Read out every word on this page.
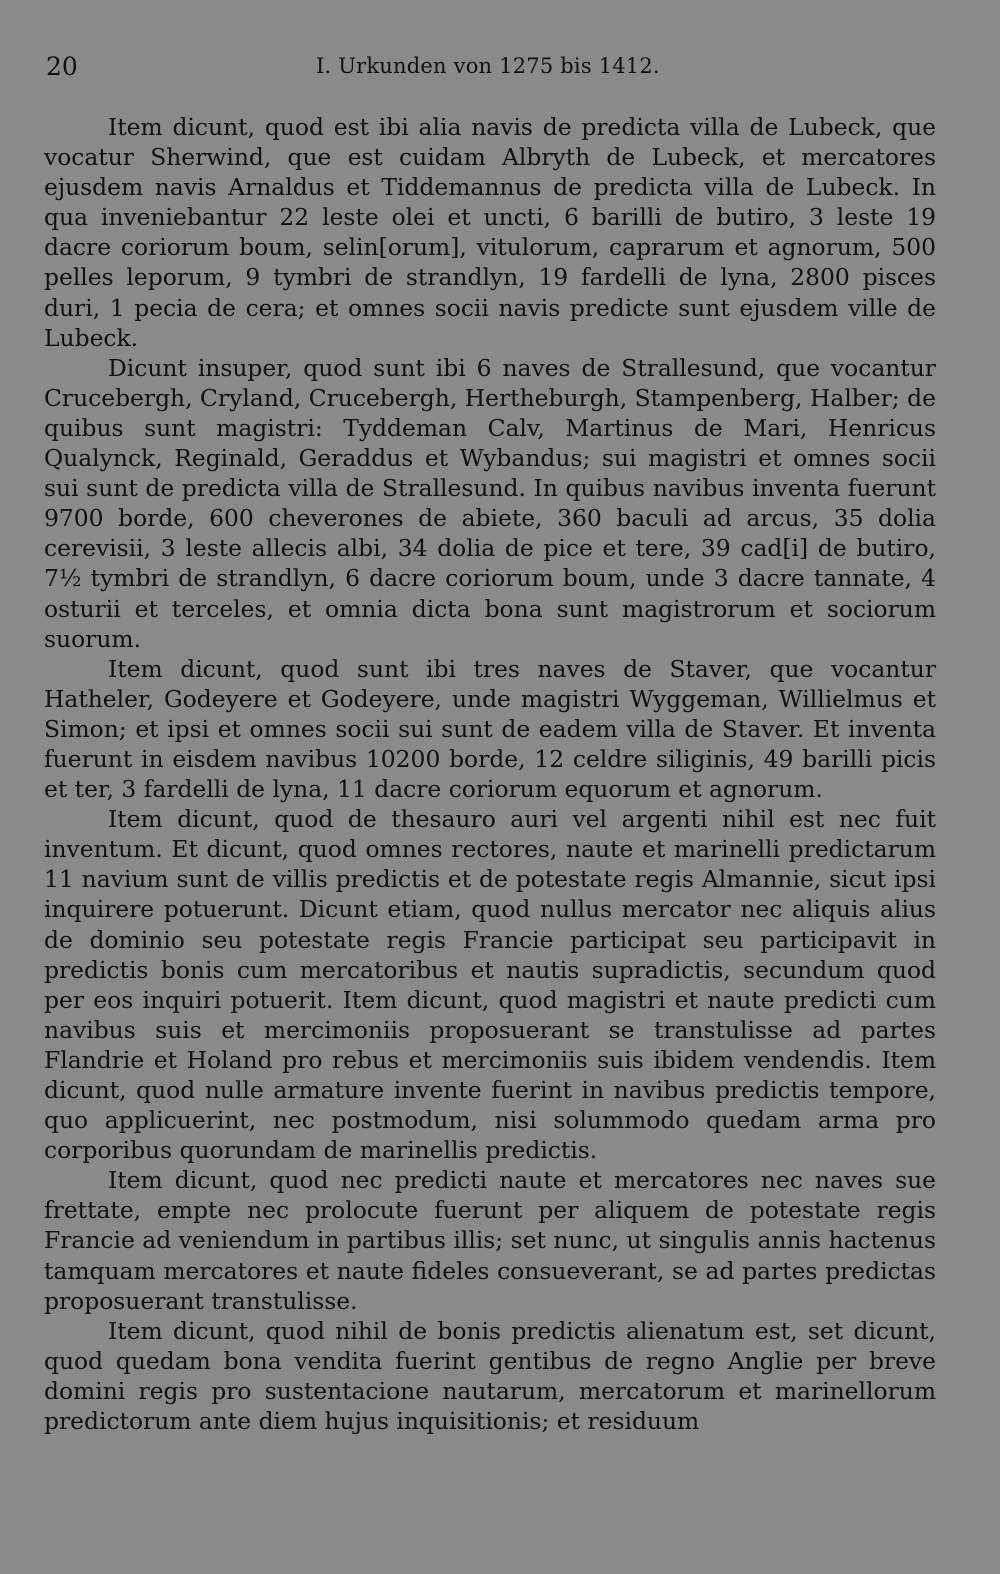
20	I. Urkunden von 1275 bis 1412.

Item dicunt, quod est ibi alia navis de predicta villa de Lubeck, que vocatur Sherwind, que est cuidam Albryth de Lubeck, et mercatores ejusdem navis Arnaldus et Tiddemannus de predicta villa de Lubeck. In qua inveniebantur 22 leste olei et uncti, 6 barilli de butiro, 3 leste 19 dacre coriorum boum, selin[orum], vitulorum, caprarum et agnorum, 500 pelles leporum, 9 tymbri de strandlyn, 19 fardelli de lyna, 2800 pisces duri, 1 pecia de cera; et omnes socii navis predicte sunt ejusdem ville de Lubeck.

Dicunt insuper, quod sunt ibi 6 naves de Strallesund, que vocantur Crucebergh, Cryland, Crucebergh, Hertheburgh, Stampenberg, Halber; de quibus sunt magistri: Tyddeman Calv, Martinus de Mari, Henricus Qualynck, Reginald, Geraddus et Wybandus; sui magistri et omnes socii sui sunt de predicta villa de Strallesund. In quibus navibus inventa fuerunt 9700 borde, 600 cheverones de abiete, 360 baculi ad arcus, 35 dolia cerevisii, 3 leste allecis albi, 34 dolia de pice et tere, 39 cad[i] de butiro, 7½ tymbri de strandlyn, 6 dacre coriorum boum, unde 3 dacre tannate, 4 osturii et terceles, et omnia dicta bona sunt magistrorum et sociorum suorum.

Item dicunt, quod sunt ibi tres naves de Staver, que vocantur Hatheler, Godeyere et Godeyere, unde magistri Wyggeman, Willielmus et Simon; et ipsi et omnes socii sui sunt de eadem villa de Staver. Et inventa fuerunt in eisdem navibus 10200 borde, 12 celdre siliginis, 49 barilli picis et ter, 3 fardelli de lyna, 11 dacre coriorum equorum et agnorum.

Item dicunt, quod de thesauro auri vel argenti nihil est nec fuit inventum. Et dicunt, quod omnes rectores, naute et marinelli predictarum 11 navium sunt de villis predictis et de potestate regis Almannie, sicut ipsi inquirere potuerunt. Dicunt etiam, quod nullus mercator nec aliquis alius de dominio seu potestate regis Francie participat seu participavit in predictis bonis cum mercatoribus et nautis supradictis, secundum quod per eos inquiri potuerit. Item dicunt, quod magistri et naute predicti cum navibus suis et mercimoniis proposuerant se transtulisse ad partes Flandrie et Holand pro rebus et mercimoniis suis ibidem vendendis. Item dicunt, quod nulle armature invente fuerint in navibus predictis tempore, quo applicuerint, nec postmodum, nisi solummodo quedam arma pro corporibus quorundam de marinellis predictis.

Item dicunt, quod nec predicti naute et mercatores nec naves sue frettate, empte nec prolocute fuerunt per aliquem de potestate regis Francie ad veniendum in partibus illis; set nunc, ut singulis annis hactenus tamquam mercatores et naute fideles consueverant, se ad partes predictas proposuerant transtulisse.

Item dicunt, quod nihil de bonis predictis alienatum est, set dicunt, quod quedam bona vendita fuerint gentibus de regno Anglie per breve domini regis pro sustentacione nautarum, mercatorum et marinellorum predictorum ante diem hujus inquisitionis; et residuum
